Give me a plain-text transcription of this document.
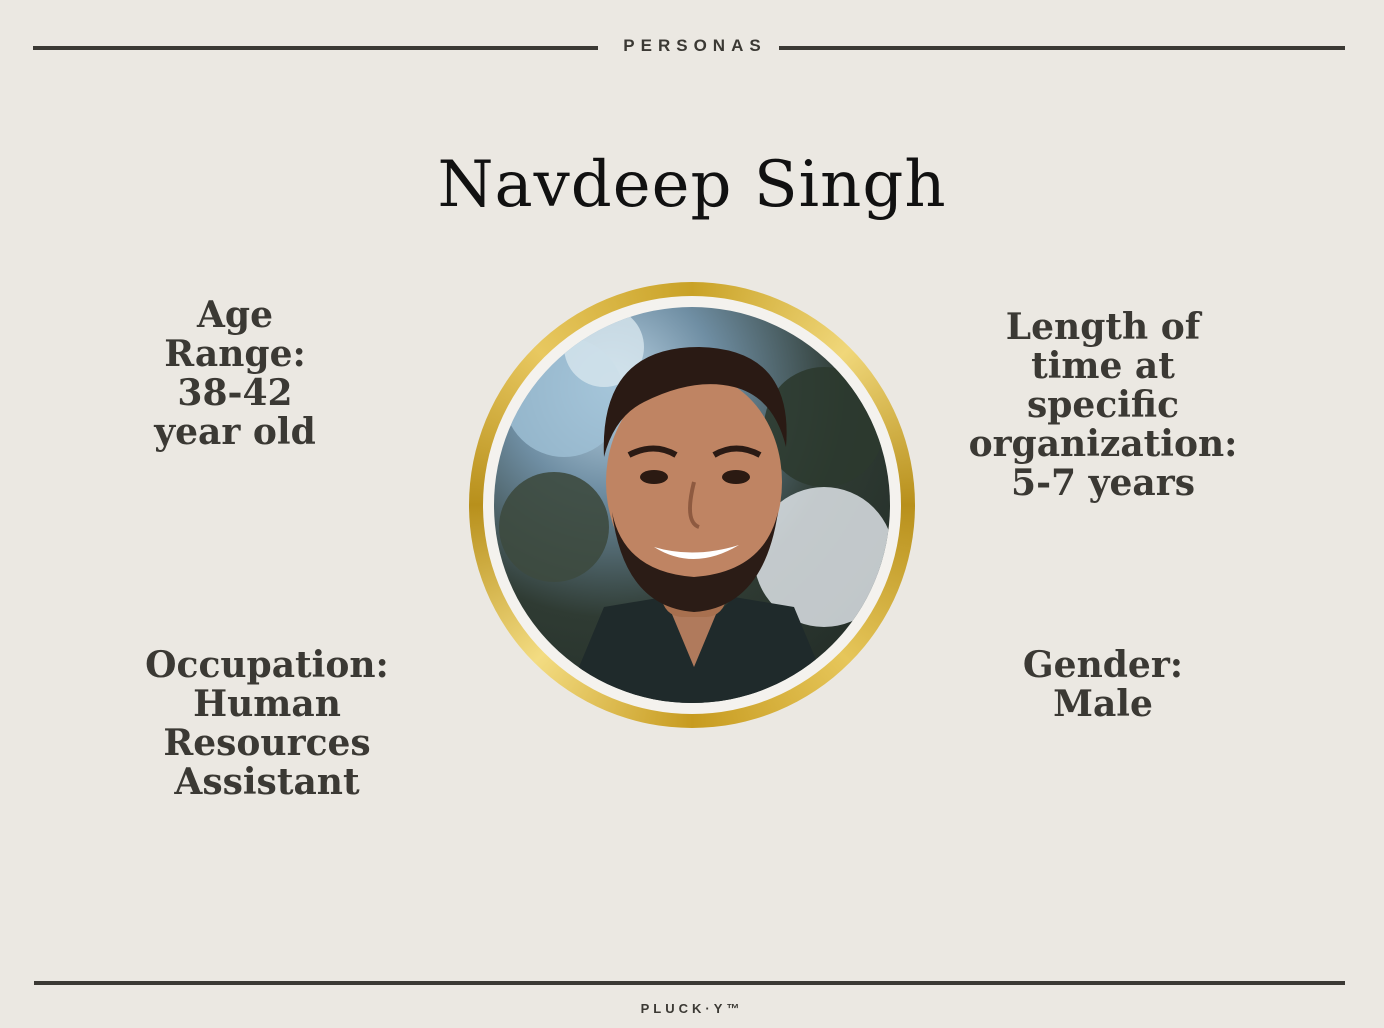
PERSONAS
Navdeep Singh
Age
Range:
38-42
year old
Length of
time at
specific
organization:
5-7 years
Occupation:
Human
Resources
Assistant
Gender:
Male
PLUCK·Y™
